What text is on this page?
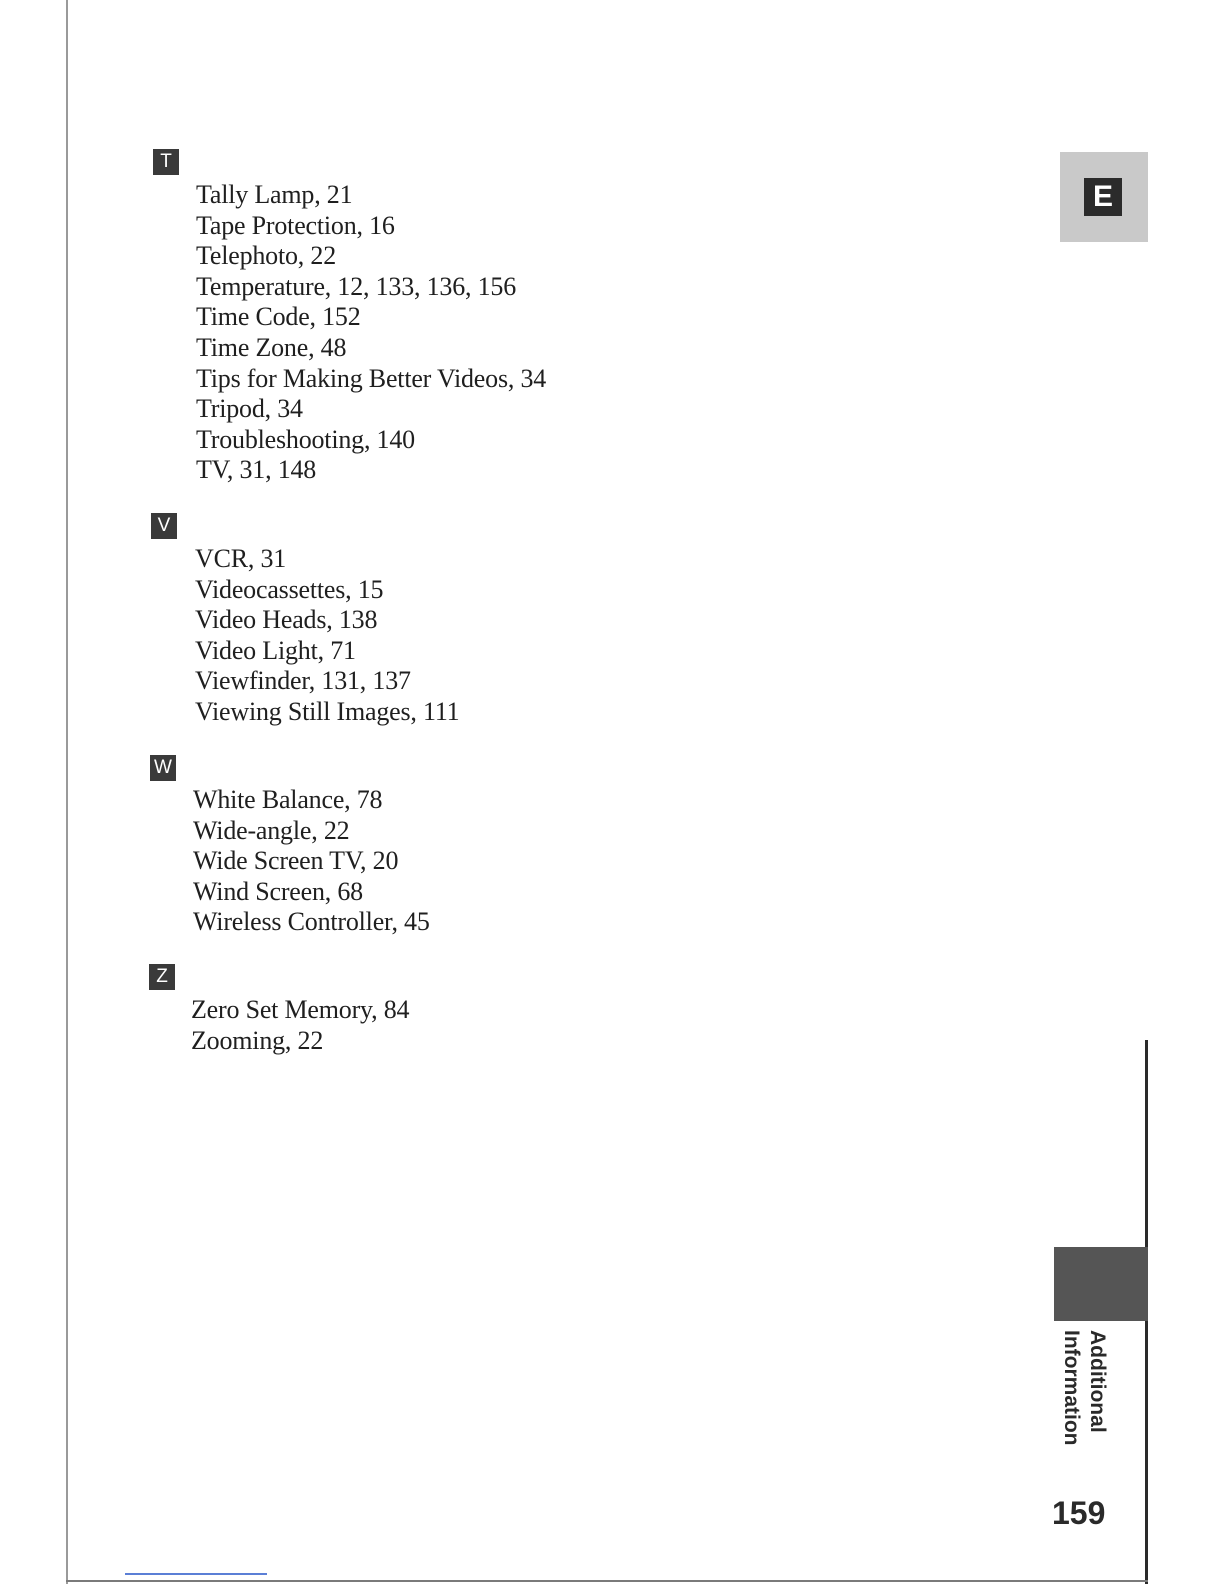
T
Tally Lamp, 21
Tape Protection, 16
Telephoto, 22
Temperature, 12, 133, 136, 156
Time Code, 152
Time Zone, 48
Tips for Making Better Videos, 34
Tripod, 34
Troubleshooting, 140
TV, 31, 148
V
VCR, 31
Videocassettes, 15
Video Heads, 138
Video Light, 71
Viewfinder, 131, 137
Viewing Still Images, 111
W
White Balance, 78
Wide-angle, 22
Wide Screen TV, 20
Wind Screen, 68
Wireless Controller, 45
Z
Zero Set Memory, 84
Zooming, 22
E
Additional
Information
159
